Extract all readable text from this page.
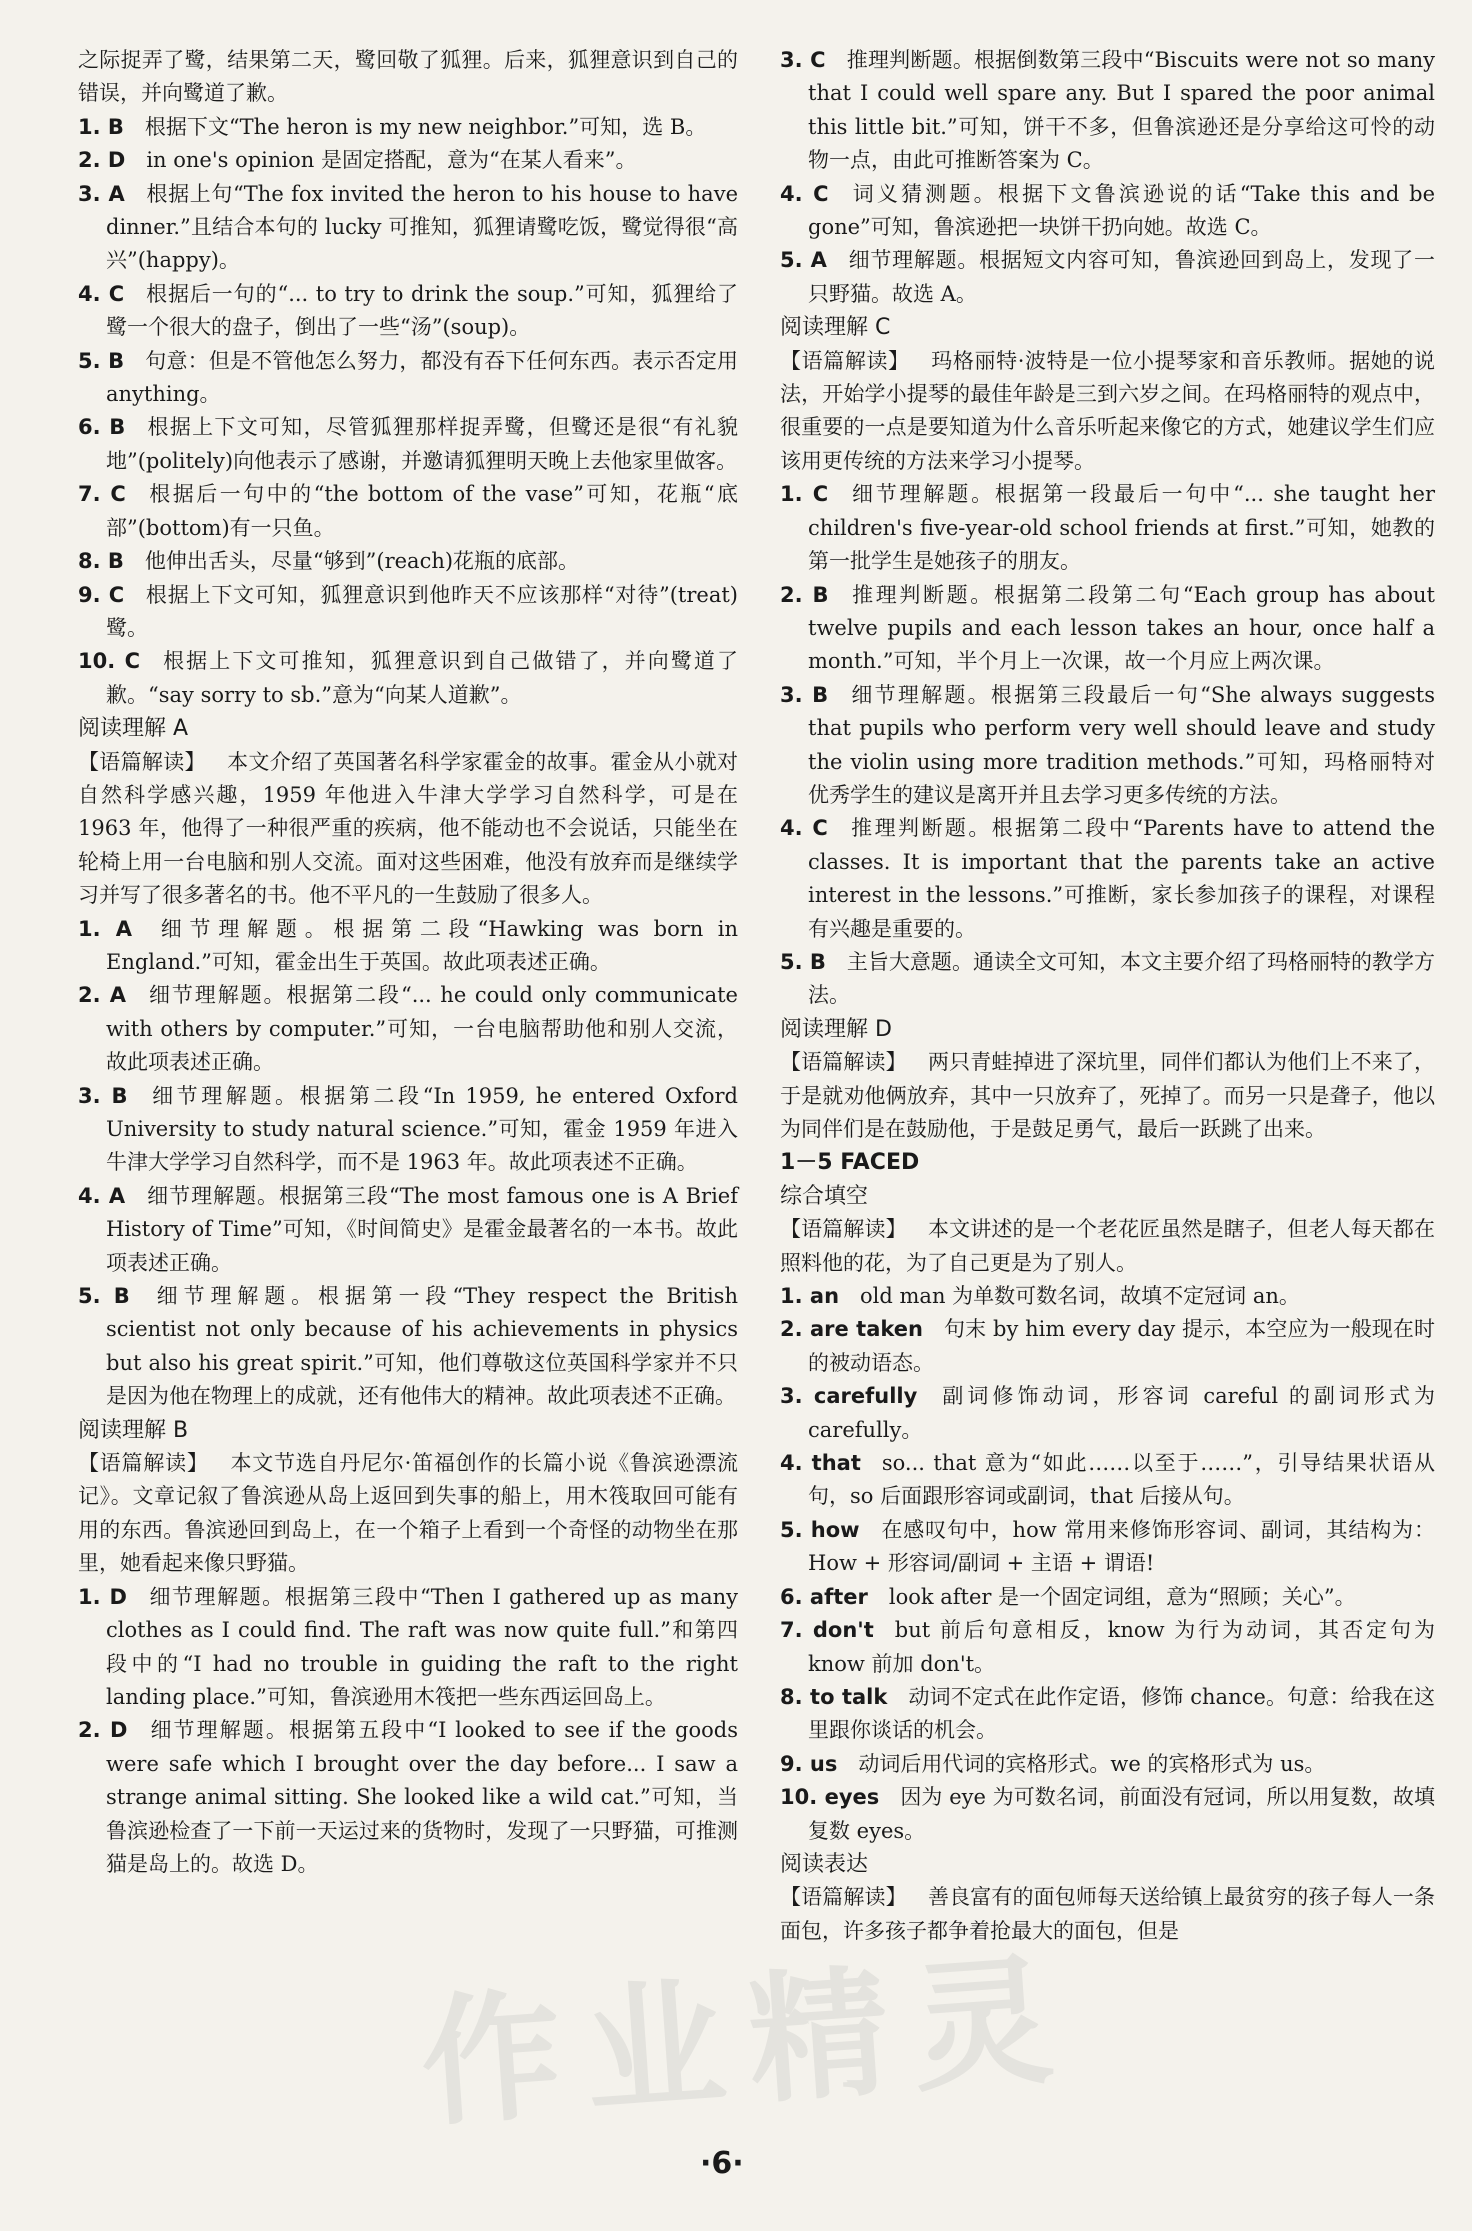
之际捉弄了鹭，结果第二天，鹭回敬了狐狸。后来，狐狸意识到自己的错误，并向鹭道了歉。

1. B  根据下文“The heron is my new neighbor.”可知，选 B。

2. D  in one's opinion 是固定搭配，意为“在某人看来”。

3. A  根据上句“The fox invited the heron to his house to have dinner.”且结合本句的 lucky 可推知，狐狸请鹭吃饭，鹭觉得很“高兴”(happy)。

4. C  根据后一句的“... to try to drink the soup.”可知，狐狸给了鹭一个很大的盘子，倒出了一些“汤”(soup)。

5. B  句意：但是不管他怎么努力，都没有吞下任何东西。表示否定用 anything。

6. B  根据上下文可知，尽管狐狸那样捉弄鹭，但鹭还是很“有礼貌地”(politely)向他表示了感谢，并邀请狐狸明天晚上去他家里做客。

7. C  根据后一句中的“the bottom of the vase”可知，花瓶“底部”(bottom)有一只鱼。

8. B  他伸出舌头，尽量“够到”(reach)花瓶的底部。

9. C  根据上下文可知，狐狸意识到他昨天不应该那样“对待”(treat)鹭。

10. C  根据上下文可推知，狐狸意识到自己做错了，并向鹭道了歉。“say sorry to sb.”意为“向某人道歉”。

阅读理解 A

【语篇解读】  本文介绍了英国著名科学家霍金的故事。霍金从小就对自然科学感兴趣，1959 年他进入牛津大学学习自然科学，可是在 1963 年，他得了一种很严重的疾病，他不能动也不会说话，只能坐在轮椅上用一台电脑和别人交流。面对这些困难，他没有放弃而是继续学习并写了很多著名的书。他不平凡的一生鼓励了很多人。

1. A  细节理解题。根据第二段“Hawking was born in England.”可知，霍金出生于英国。故此项表述正确。

2. A  细节理解题。根据第二段“... he could only communicate with others by computer.”可知，一台电脑帮助他和别人交流，故此项表述正确。

3. B  细节理解题。根据第二段“In 1959, he entered Oxford University to study natural science.”可知，霍金 1959 年进入牛津大学学习自然科学，而不是 1963 年。故此项表述不正确。

4. A  细节理解题。根据第三段“The most famous one is A Brief History of Time”可知，《时间简史》是霍金最著名的一本书。故此项表述正确。

5. B  细节理解题。根据第一段“They respect the British scientist not only because of his achievements in physics but also his great spirit.”可知，他们尊敬这位英国科学家并不只是因为他在物理上的成就，还有他伟大的精神。故此项表述不正确。

阅读理解 B

【语篇解读】  本文节选自丹尼尔·笛福创作的长篇小说《鲁滨逊漂流记》。文章记叙了鲁滨逊从岛上返回到失事的船上，用木筏取回可能有用的东西。鲁滨逊回到岛上，在一个箱子上看到一个奇怪的动物坐在那里，她看起来像只野猫。

1. D  细节理解题。根据第三段中“Then I gathered up as many clothes as I could find. The raft was now quite full.”和第四段中的“I had no trouble in guiding the raft to the right landing place.”可知，鲁滨逊用木筏把一些东西运回岛上。

2. D  细节理解题。根据第五段中“I looked to see if the goods were safe which I brought over the day before... I saw a strange animal sitting. She looked like a wild cat.”可知，当鲁滨逊检查了一下前一天运过来的货物时，发现了一只野猫，可推测猫是岛上的。故选 D。

3. C  推理判断题。根据倒数第三段中“Biscuits were not so many that I could well spare any. But I spared the poor animal this little bit.”可知，饼干不多，但鲁滨逊还是分享给这可怜的动物一点，由此可推断答案为 C。

4. C  词义猜测题。根据下文鲁滨逊说的话“Take this and be gone”可知，鲁滨逊把一块饼干扔向她。故选 C。

5. A  细节理解题。根据短文内容可知，鲁滨逊回到岛上，发现了一只野猫。故选 A。

阅读理解 C

【语篇解读】  玛格丽特·波特是一位小提琴家和音乐教师。据她的说法，开始学小提琴的最佳年龄是三到六岁之间。在玛格丽特的观点中，很重要的一点是要知道为什么音乐听起来像它的方式，她建议学生们应该用更传统的方法来学习小提琴。

1. C  细节理解题。根据第一段最后一句中“... she taught her children's five-year-old school friends at first.”可知，她教的第一批学生是她孩子的朋友。

2. B  推理判断题。根据第二段第二句“Each group has about twelve pupils and each lesson takes an hour, once half a month.”可知，半个月上一次课，故一个月应上两次课。

3. B  细节理解题。根据第三段最后一句“She always suggests that pupils who perform very well should leave and study the violin using more tradition methods.”可知，玛格丽特对优秀学生的建议是离开并且去学习更多传统的方法。

4. C  推理判断题。根据第二段中“Parents have to attend the classes. It is important that the parents take an active interest in the lessons.”可推断，家长参加孩子的课程，对课程有兴趣是重要的。

5. B  主旨大意题。通读全文可知，本文主要介绍了玛格丽特的教学方法。

阅读理解 D

【语篇解读】  两只青蛙掉进了深坑里，同伴们都认为他们上不来了，于是就劝他俩放弃，其中一只放弃了，死掉了。而另一只是聋子，他以为同伴们是在鼓励他，于是鼓足勇气，最后一跃跳了出来。

1－5 FACED

综合填空

【语篇解读】  本文讲述的是一个老花匠虽然是瞎子，但老人每天都在照料他的花，为了自己更是为了别人。

1. an  old man 为单数可数名词，故填不定冠词 an。

2. are taken  句末 by him every day 提示，本空应为一般现在时的被动语态。

3. carefully  副词修饰动词，形容词 careful 的副词形式为 carefully。

4. that  so... that 意为“如此……以至于……”，引导结果状语从句，so 后面跟形容词或副词，that 后接从句。

5. how  在感叹句中，how 常用来修饰形容词、副词，其结构为：How + 形容词/副词 + 主语 + 谓语!

6. after  look after 是一个固定词组，意为“照顾；关心”。

7. don't  but 前后句意相反，know 为行为动词，其否定句为 know 前加 don't。

8. to talk  动词不定式在此作定语，修饰 chance。句意：给我在这里跟你谈话的机会。

9. us  动词后用代词的宾格形式。we 的宾格形式为 us。

10. eyes  因为 eye 为可数名词，前面没有冠词，所以用复数，故填复数 eyes。

阅读表达

【语篇解读】  善良富有的面包师每天送给镇上最贫穷的孩子每人一条面包，许多孩子都争着抢最大的面包，但是

·6·
作业精灵
